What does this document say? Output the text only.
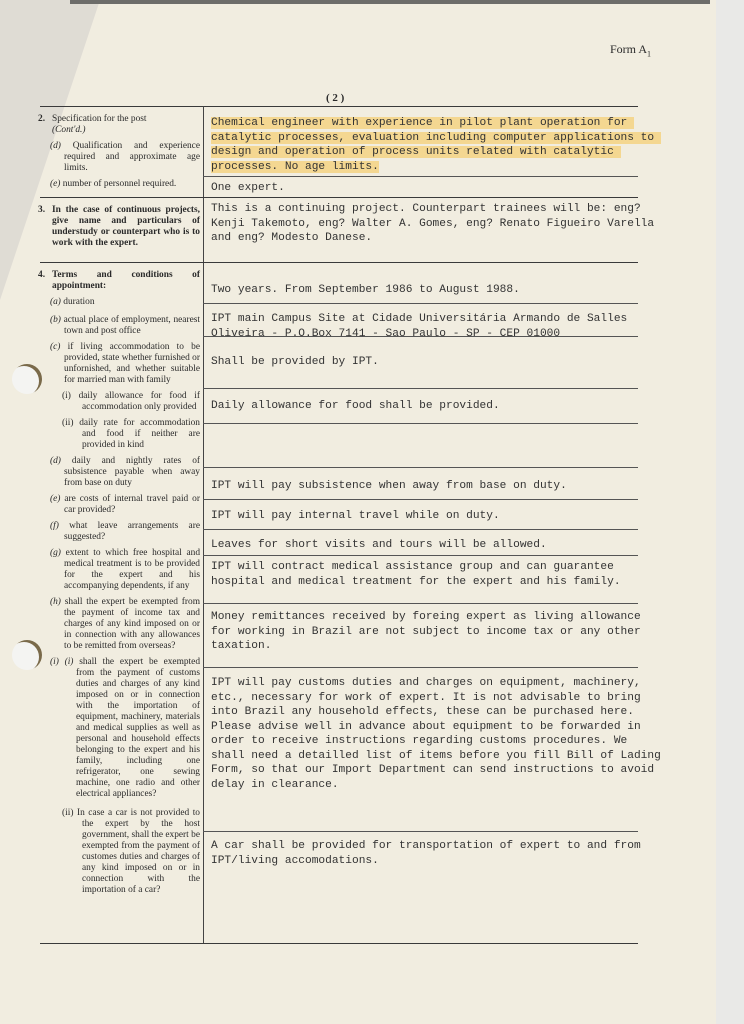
Form $A_1$
( 2 )

2. Specification for the post
(Cont'd.)

(d) Qualification and experience required and approximate age limits.

(e) number of personnel required.

3. In the case of continuous projects, give name and particulars of understudy or counterpart who is to work with the expert.

4. Terms and conditions of appointment:

(a) duration

(b) actual place of employment, nearest town and post office

(c) if living accommodation to be provided, state whether furnished or unfornished, and whether suitable for married man with family

(i) daily allowance for food if accommodation only provided

(ii) daily rate for accommodation and food if neither are provided in kind

(d) daily and nightly rates of subsistence payable when away from base on duty

(e) are costs of internal travel paid or car provided?

(f) what leave arrangements are suggested?

(g) extent to which free hospital and medical treatment is to be provided for the expert and his accompanying dependents, if any

(h) shall the expert be exempted from the payment of income tax and charges of any kind imposed on or in connection with any allowances to be remitted from overseas?

(i) (i) shall the expert be exempted from the payment of customs duties and charges of any kind imposed on or in connection with the importation of equipment, machinery, materials and medical supplies as well as personal and household effects belonging to the expert and his family, including one refrigerator, one sewing machine, one radio and other electrical appliances?

(ii) In case a car is not provided to the expert by the host government, shall the expert be exempted from the payment of customes duties and charges of any kind imposed on or in connection with the importation of a car?

Chemical engineer with experience in pilot plant operation for catalytic processes, evaluation including computer applications to design and operation of process units related with catalytic processes. No age limits.
One expert.
This is a continuing project. Counterpart trainees will be: eng? Kenji Takemoto, eng? Walter A. Gomes, eng? Renato Figueiro Varella and eng? Modesto Danese.
Two years. From September 1986 to August 1988.
IPT main Campus Site at Cidade Universitária Armando de Salles Oliveira - P.O.Box 7141 - Sao Paulo - SP - CEP 01000
Shall be provided by IPT.
Daily allowance for food shall be provided.
IPT will pay subsistence when away from base on duty.
IPT will pay internal travel while on duty.
Leaves for short visits and tours will be allowed.
IPT will contract medical assistance group and can guarantee hospital and medical treatment for the expert and his family.
Money remittances received by foreing expert as living allowance for working in Brazil are not subject to income tax or any other taxation.
IPT will pay customs duties and charges on equipment, machinery, etc., necessary for work of expert. It is not advisable to bring into Brazil any household effects, these can be purchased here. Please advise well in advance about equipment to be forwarded in order to receive instructions regarding customs procedures. We shall need a detailled list of items before you fill Bill of Lading Form, so that our Import Department can send instructions to avoid delay in clearance.
A car shall be provided for transportation of expert to and from IPT/living accomodations.
